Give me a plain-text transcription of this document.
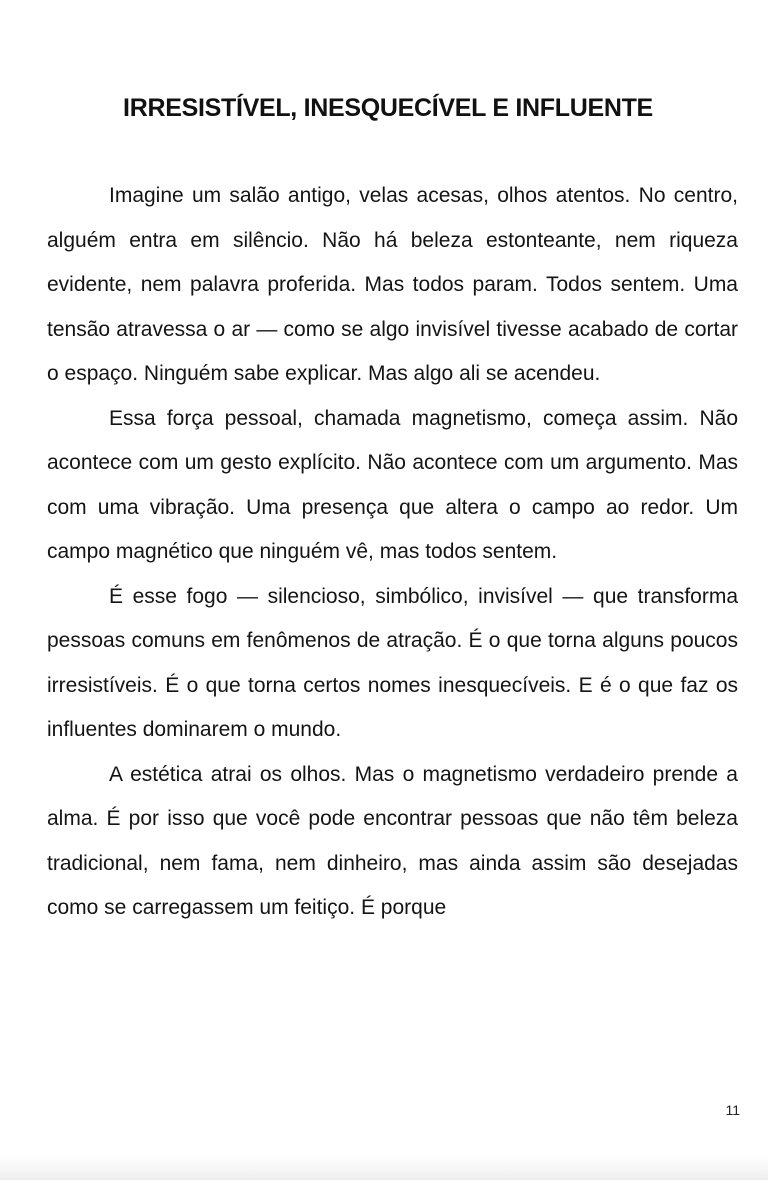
IRRESISTÍVEL, INESQUECÍVEL E INFLUENTE

Imagine um salão antigo, velas acesas, olhos atentos. No centro, alguém entra em silêncio. Não há beleza estonteante, nem riqueza evidente, nem palavra proferida. Mas todos param. Todos sentem. Uma tensão atravessa o ar — como se algo invisível tivesse acabado de cortar o espaço. Ninguém sabe explicar. Mas algo ali se acendeu.

Essa força pessoal, chamada magnetismo, começa assim. Não acontece com um gesto explícito. Não acontece com um argumento. Mas com uma vibração. Uma presença que altera o campo ao redor. Um campo magnético que ninguém vê, mas todos sentem.

É esse fogo — silencioso, simbólico, invisível — que transforma pessoas comuns em fenômenos de atração. É o que torna alguns poucos irresistíveis. É o que torna certos nomes inesquecíveis. E é o que faz os influentes dominarem o mundo.

A estética atrai os olhos. Mas o magnetismo verdadeiro prende a alma. É por isso que você pode encontrar pessoas que não têm beleza tradicional, nem fama, nem dinheiro, mas ainda assim são desejadas como se carregassem um feitiço. É porque

11
